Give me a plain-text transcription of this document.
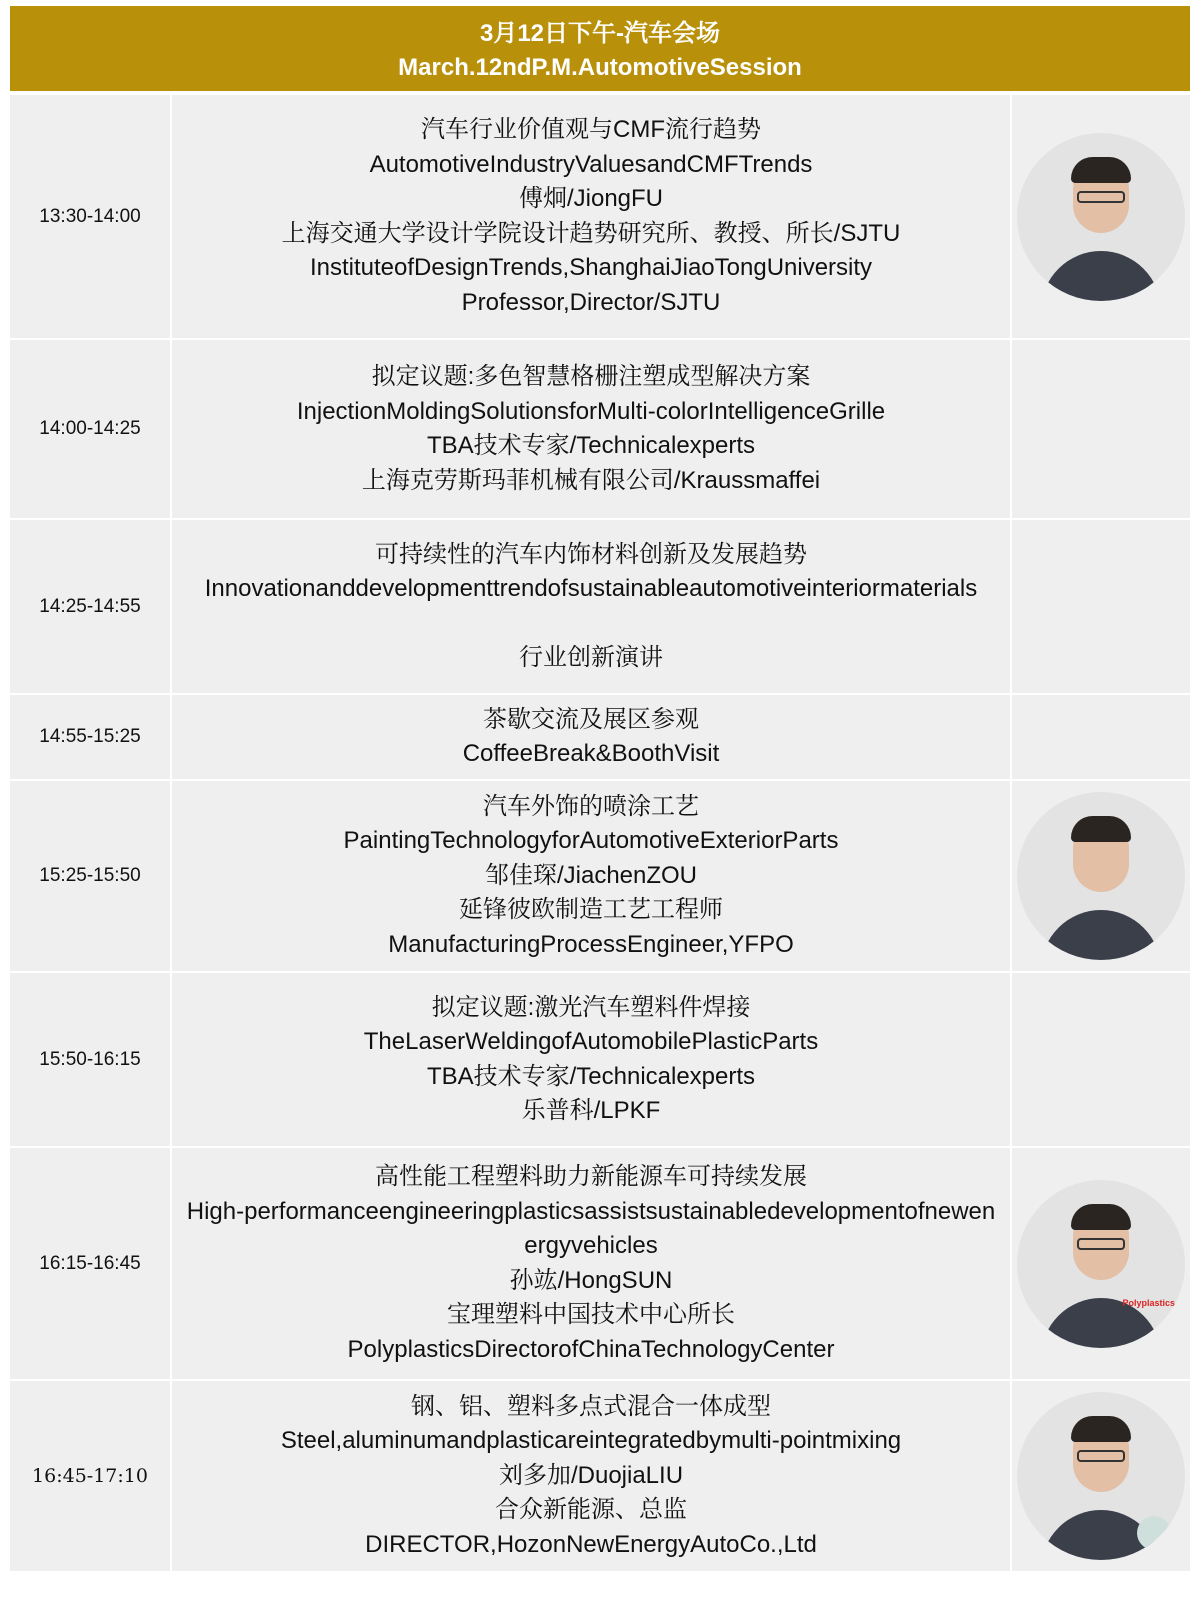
3月12日下午-汽车会场
March.12ndP.M.AutomotiveSession
13:30-14:00
汽车行业价值观与CMF流行趋势
AutomotiveIndustryValuesandCMFTrends
傅炯/JiongFU
上海交通大学设计学院设计趋势研究所、教授、所长/SJTU
InstituteofDesignTrends,ShanghaiJiaoTongUniversity
Professor,Director/SJTU
14:00-14:25
拟定议题:多色智慧格栅注塑成型解决方案
InjectionMoldingSolutionsforMulti-colorIntelligenceGrille
TBA技术专家/Technicalexperts
上海克劳斯玛菲机械有限公司/Kraussmaffei
14:25-14:55
可持续性的汽车内饰材料创新及发展趋势
Innovationanddevelopmenttrendofsustainableautomotiveinteriormaterials
行业创新演讲
14:55-15:25
茶歇交流及展区参观
CoffeeBreak&BoothVisit
15:25-15:50
汽车外饰的喷涂工艺
PaintingTechnologyforAutomotiveExteriorParts
邹佳琛/JiachenZOU
延锋彼欧制造工艺工程师
ManufacturingProcessEngineer,YFPO
15:50-16:15
拟定议题:激光汽车塑料件焊接
TheLaserWeldingofAutomobilePlasticParts
TBA技术专家/Technicalexperts
乐普科/LPKF
16:15-16:45
高性能工程塑料助力新能源车可持续发展
High-performanceengineeringplasticsassistsustainabledevelopmentofnewenergyvehicles
孙竑/HongSUN
宝理塑料中国技术中心所长
PolyplasticsDirectorofChinaTechnologyCenter
Polyplastics
16:45-17:10
钢、铝、塑料多点式混合一体成型
Steel,aluminumandplasticareintegratedbymulti-pointmixing
刘多加/DuojiaLIU
合众新能源、总监
DIRECTOR,HozonNewEnergyAutoCo.,Ltd
